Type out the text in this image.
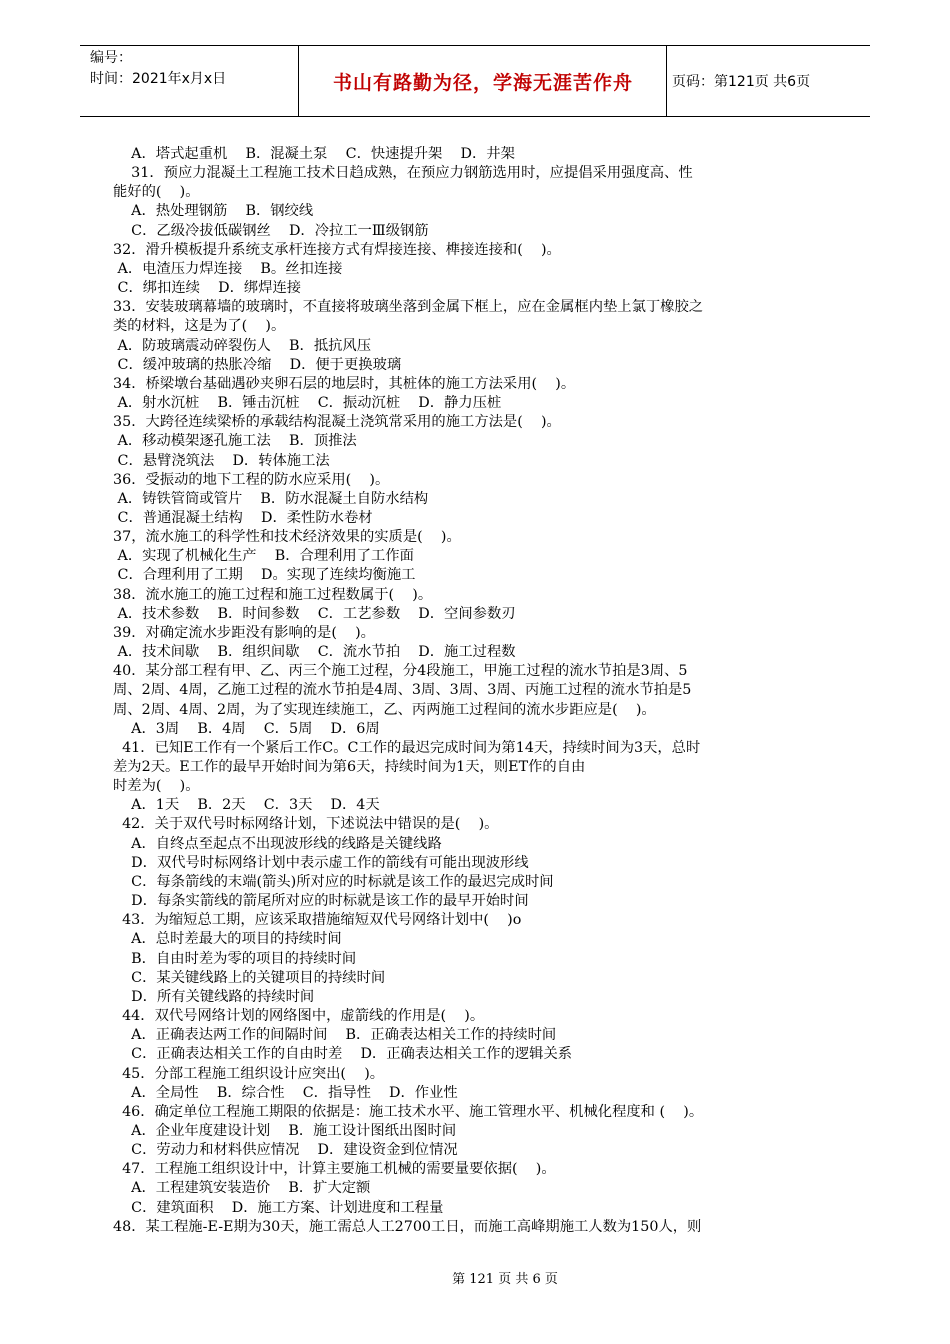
编号：
时间：2021年x月x日	书山有路勤为径，学海无涯苦作舟	页码：第121页 共6页
A．塔式起重机    B．混凝土泵    C．快速提升架    D．井架
31．预应力混凝土工程施工技术日趋成熟，在预应力钢筋选用时，应提倡采用强度高、性
能好的(    )。
A．热处理钢筋    B．钢绞线
C．乙级冷拔低碳钢丝    D．冷拉工一Ⅲ级钢筋
32．滑升模板提升系统支承杆连接方式有焊接连接、榫接连接和(    )。
A．电渣压力焊连接    B。丝扣连接
C．绑扣连续    D．绑焊连接
33．安装玻璃幕墙的玻璃时，不直接将玻璃坐落到金属下框上，应在金属框内垫上氯丁橡胶之
类的材料，这是为了(    )。
A．防玻璃震动碎裂伤人    B．抵抗风压
C．缓冲玻璃的热胀冷缩    D．便于更换玻璃
34．桥梁墩台基础遇砂夹卵石层的地层时，其桩体的施工方法采用(    )。
A．射水沉桩    B．锤击沉桩    C．振动沉桩    D．静力压桩
35．大跨径连续梁桥的承载结构混凝土浇筑常采用的施工方法是(    )。
A．移动模架逐孔施工法    B．顶推法
C．悬臂浇筑法    D．转体施工法
36．受振动的地下工程的防水应采用(    )。
A．铸铁管筒或管片    B．防水混凝土自防水结构
C．普通混凝土结构    D．柔性防水卷材
37，流水施工的科学性和技术经济效果的实质是(    )。
A．实现了机械化生产    B．合理利用了工作面
C．合理利用了工期    D。实现了连续均衡施工
38．流水施工的施工过程和施工过程数属于(    )。
A．技术参数    B．时间参数    C．工艺参数    D．空间参数刃
39．对确定流水步距没有影响的是(    )。
A．技术间歇    B．组织间歇    C．流水节拍    D．施工过程数
40．某分部工程有甲、乙、丙三个施工过程，分4段施工，甲施工过程的流水节拍是3周、5
周、2周、4周，乙施工过程的流水节拍是4周、3周、3周、3周、丙施工过程的流水节拍是5
周、2周、4周、2周，为了实现连续施工，乙、丙两施工过程间的流水步距应是(    )。
A．3周    B．4周    C．5周    D．6周
41．已知E工作有一个紧后工作C。C工作的最迟完成时间为第14天，持续时间为3天，总时
差为2天。E工作的最早开始时间为第6天，持续时间为1天，则ET作的自由
时差为(    )。
A．1天    B．2天    C．3天    D．4天
42．关于双代号时标网络计划，下述说法中错误的是(    )。
A．自终点至起点不出现波形线的线路是关键线路
D．双代号时标网络计划中表示虚工作的箭线有可能出现波形线
C．每条箭线的末端(箭头)所对应的时标就是该工作的最迟完成时间
D．每条实箭线的箭尾所对应的时标就是该工作的最早开始时间
43．为缩短总工期，应该采取措施缩短双代号网络计划中(    )o
A．总时差最大的项目的持续时间
B．自由时差为零的项目的持续时间
C．某关键线路上的关键项目的持续时间
D．所有关键线路的持续时间
44．双代号网络计划的网络图中，虚箭线的作用是(    )。
A．正确表达两工作的间隔时间    B．正确表达相关工作的持续时间
C．正确表达相关工作的自由时差    D．正确表达相关工作的逻辑关系
45．分部工程施工组织设计应突出(    )。
A．全局性    B．综合性    C．指导性    D．作业性
46．确定单位工程施工期限的依据是：施工技术水平、施工管理水平、机械化程度和 (    )。
A．企业年度建设计划    B．施工设计图纸出图时间
C．劳动力和材料供应情况    D．建设资金到位情况
47．工程施工组织设计中，计算主要施工机械的需要量要依据(    )。
A．工程建筑安装造价    B．扩大定额
C．建筑面积    D．施工方案、计划进度和工程量
48．某工程施-E-E期为30天，施工需总人工2700工日，而施工高峰期施工人数为150人，则
第 121 页 共 6 页
